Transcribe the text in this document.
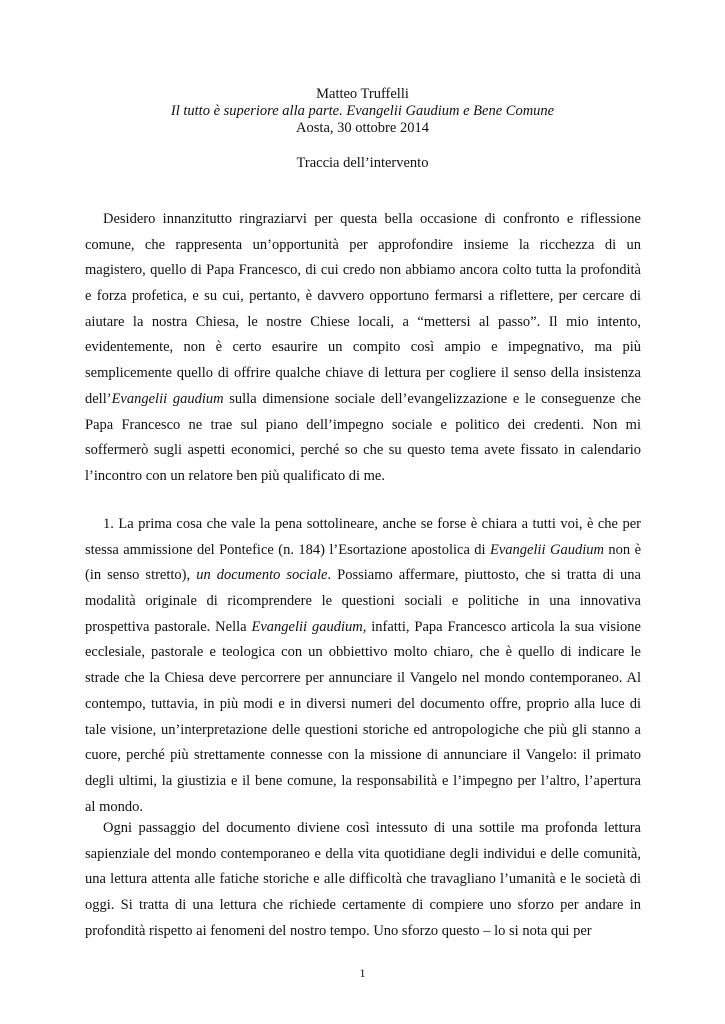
Matteo Truffelli
Il tutto è superiore alla parte. Evangelii Gaudium e Bene Comune
Aosta, 30 ottobre 2014
Traccia dell’intervento
Desidero innanzitutto ringraziarvi per questa bella occasione di confronto e riflessione
comune, che rappresenta un’opportunità per approfondire insieme la ricchezza di un
magistero, quello di Papa Francesco, di cui credo non abbiamo ancora colto tutta la profondità
e forza profetica, e su cui, pertanto, è davvero opportuno fermarsi a riflettere, per cercare di
aiutare la nostra Chiesa, le nostre Chiese locali, a “mettersi al passo”. Il mio intento,
evidentemente, non è certo esaurire un compito così ampio e impegnativo, ma più
semplicemente quello di offrire qualche chiave di lettura per cogliere il senso della insistenza
dell’Evangelii gaudium sulla dimensione sociale dell’evangelizzazione e le conseguenze che
Papa Francesco ne trae sul piano dell’impegno sociale e politico dei credenti. Non mi
soffermerò sugli aspetti economici, perché so che su questo tema avete fissato in calendario
l’incontro con un relatore ben più qualificato di me.
1. La prima cosa che vale la pena sottolineare, anche se forse è chiara a tutti voi, è che per
stessa ammissione del Pontefice (n. 184) l’Esortazione apostolica di Evangelii Gaudium non è
(in senso stretto), un documento sociale. Possiamo affermare, piuttosto, che si tratta di una
modalità originale di ricomprendere le questioni sociali e politiche in una innovativa
prospettiva pastorale. Nella Evangelii gaudium, infatti, Papa Francesco articola la sua visione
ecclesiale, pastorale e teologica con un obbiettivo molto chiaro, che è quello di indicare le
strade che la Chiesa deve percorrere per annunciare il Vangelo nel mondo contemporaneo. Al
contempo, tuttavia, in più modi e in diversi numeri del documento offre, proprio alla luce di
tale visione, un’interpretazione delle questioni storiche ed antropologiche che più gli stanno a
cuore, perché più strettamente connesse con la missione di annunciare il Vangelo: il primato
degli ultimi, la giustizia e il bene comune, la responsabilità e l’impegno per l’altro, l’apertura
al mondo.
Ogni passaggio del documento diviene così intessuto di una sottile ma profonda lettura
sapienziale del mondo contemporaneo e della vita quotidiane degli individui e delle comunità,
una lettura attenta alle fatiche storiche e alle difficoltà che travagliano l’umanità e le società di
oggi. Si tratta di una lettura che richiede certamente di compiere uno sforzo per andare in
profondità rispetto ai fenomeni del nostro tempo. Uno sforzo questo – lo si nota qui per
1
